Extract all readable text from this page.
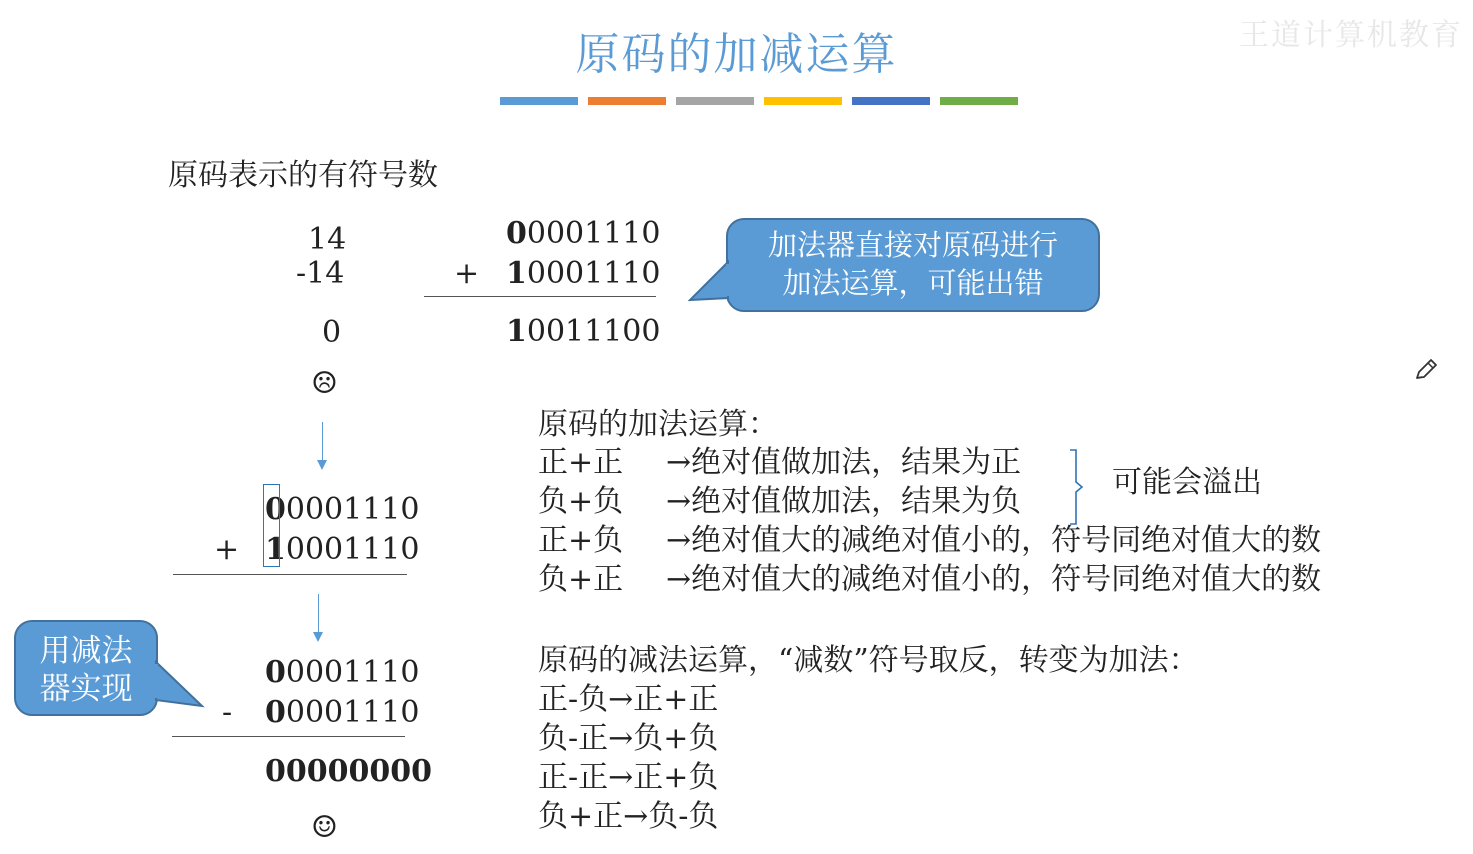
原码的加减运算	王道计算机教育
原码表示的有符号数
14
-14
0
☹
00001110
+ 10001110
10011100
加法器直接对原码进行
加法运算，可能出错
00001110
+ 10001110
00001110
- 00001110
00000000
☺
用减法
器实现
原码的加法运算：
正+正	→绝对值做加法，结果为正
负+负	→绝对值做加法，结果为负
正+负	→绝对值大的减绝对值小的，符号同绝对值大的数
负+正	→绝对值大的减绝对值小的，符号同绝对值大的数
可能会溢出
原码的减法运算，“减数”符号取反，转变为加法：
正-负→正+正
负-正→负+负
正-正→正+负
负+正→负-负
